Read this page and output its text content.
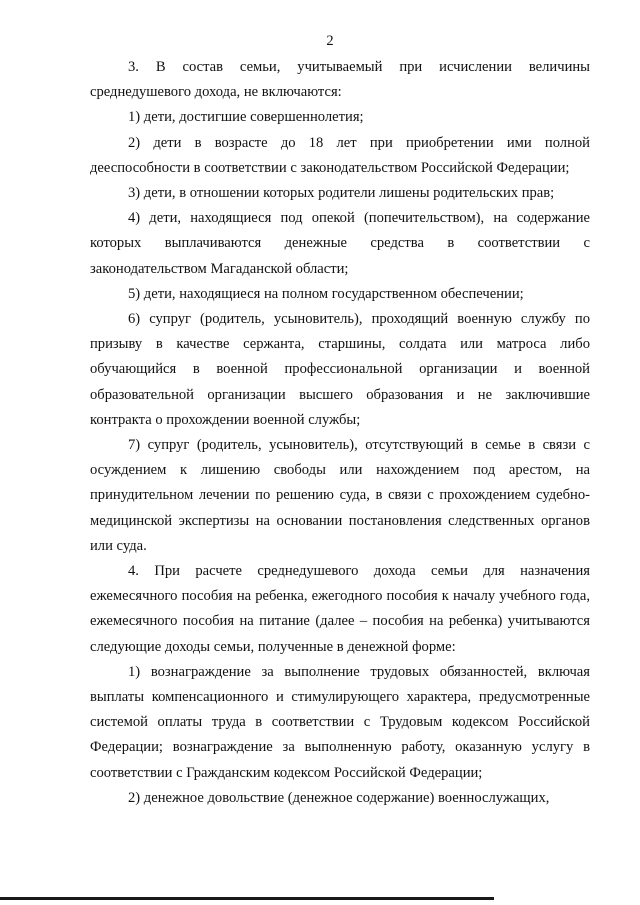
2

3. В состав семьи, учитываемый при исчислении величины среднедушевого дохода, не включаются:

1) дети, достигшие совершеннолетия;

2) дети в возрасте до 18 лет при приобретении ими полной дееспособности в соответствии с законодательством Российской Федерации;

3) дети, в отношении которых родители лишены родительских прав;

4) дети, находящиеся под опекой (попечительством), на содержание которых выплачиваются денежные средства в соответствии с законодательством Магаданской области;

5) дети, находящиеся на полном государственном обеспечении;

6) супруг (родитель, усыновитель), проходящий военную службу по призыву в качестве сержанта, старшины, солдата или матроса либо обучающийся в военной профессиональной организации и военной образовательной организации высшего образования и не заключившие контракта о прохождении военной службы;

7) супруг (родитель, усыновитель), отсутствующий в семье в связи с осуждением к лишению свободы или нахождением под арестом, на принудительном лечении по решению суда, в связи с прохождением судебно-медицинской экспертизы на основании постановления следственных органов или суда.

4. При расчете среднедушевого дохода семьи для назначения ежемесячного пособия на ребенка, ежегодного пособия к началу учебного года, ежемесячного пособия на питание (далее – пособия на ребенка) учитываются следующие доходы семьи, полученные в денежной форме:

1) вознаграждение за выполнение трудовых обязанностей, включая выплаты компенсационного и стимулирующего характера, предусмотренные системой оплаты труда в соответствии с Трудовым кодексом Российской Федерации; вознаграждение за выполненную работу, оказанную услугу в соответствии с Гражданским кодексом Российской Федерации;

2) денежное довольствие (денежное содержание) военнослужащих,
